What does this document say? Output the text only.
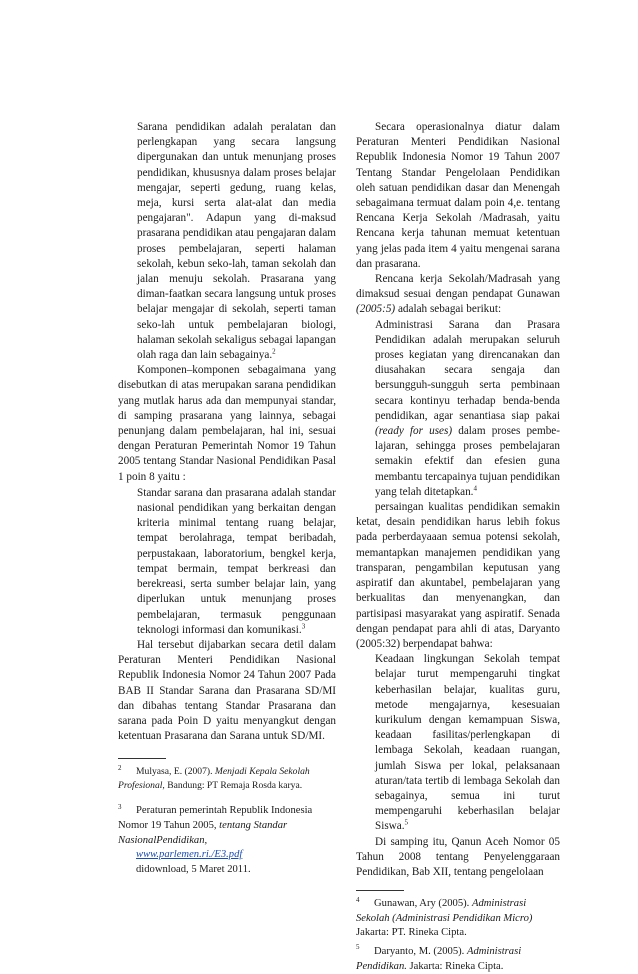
Sarana pendidikan adalah peralatan dan perlengkapan yang secara langsung dipergunakan dan untuk menunjang proses pendidikan, khususnya dalam proses belajar mengajar, seperti gedung, ruang kelas, meja, kursi serta alat-alat dan media pengajaran". Adapun yang di-maksud prasarana pendidikan atau pengajaran dalam proses pembelajaran, seperti halaman sekolah, kebun seko-lah, taman sekolah dan jalan menuju sekolah. Prasarana yang diman-faatkan secara langsung untuk proses belajar mengajar di sekolah, seperti taman seko-lah untuk pembelajaran biologi, halaman sekolah sekaligus sebagai lapangan olah raga dan lain sebagainya.$^2$

Komponen–komponen sebagaimana yang disebutkan di atas merupakan sarana pendidikan yang mutlak harus ada dan mempunyai standar, di samping prasarana yang lainnya, sebagai penunjang dalam pembelajaran, hal ini, sesuai dengan Peraturan Pemerintah Nomor 19 Tahun 2005 tentang Standar Nasional Pendidikan Pasal 1 poin 8 yaitu :

Standar sarana dan prasarana adalah standar nasional pendidikan yang berkaitan dengan kriteria minimal tentang ruang belajar, tempat berolahraga, tempat beribadah, perpustakaan, laboratorium, bengkel kerja, tempat bermain, tempat berkreasi dan berekreasi, serta sumber belajar lain, yang diperlukan untuk menunjang proses pembelajaran, termasuk penggunaan teknologi informasi dan komunikasi.$^3$

Hal tersebut dijabarkan secara detil dalam Peraturan Menteri Pendidikan Nasional Republik Indonesia Nomor 24 Tahun 2007 Pada BAB II Standar Sarana dan Prasarana SD/MI dan dibahas tentang Standar Prasarana dan sarana pada Poin D yaitu menyangkut dengan ketentuan Prasarana dan Sarana untuk SD/MI.

2 Mulyasa, E. (2007). Menjadi Kepala Sekolah Profesional, Bandung: PT Remaja Rosda karya.

3 Peraturan pemerintah Republik Indonesia Nomor 19 Tahun 2005, tentang Standar NasionalPendidikan,
www.parlemen.ri./E3.pdf
didownload, 5 Maret 2011.

Secara operasionalnya diatur dalam Peraturan Menteri Pendidikan Nasional Republik Indonesia Nomor 19 Tahun 2007 Tentang Standar Pengelolaan Pendidikan oleh satuan pendidikan dasar dan Menengah sebagaimana termuat dalam poin 4,e. tentang Rencana Kerja Sekolah /Madrasah, yaitu Rencana kerja tahunan memuat ketentuan yang jelas pada item 4 yaitu mengenai sarana dan prasarana.

Rencana kerja Sekolah/Madrasah yang dimaksud sesuai dengan pendapat Gunawan (2005:5) adalah sebagai berikut:

Administrasi Sarana dan Prasara Pendidikan adalah merupakan seluruh proses kegiatan yang direncanakan dan diusahakan secara sengaja dan bersungguh-sungguh serta pembinaan secara kontinyu terhadap benda-benda pendidikan, agar senantiasa siap pakai (ready for uses) dalam proses pembe-lajaran, sehingga proses pembelajaran semakin efektif dan efesien guna membantu tercapainya tujuan pendidikan yang telah ditetapkan.$^4$

persaingan kualitas pendidikan semakin ketat, desain pendidikan harus lebih fokus pada perberdayaaan semua potensi sekolah, memantapkan manajemen pendidikan yang transparan, pengambilan keputusan yang aspiratif dan akuntabel, pembelajaran yang berkualitas dan menyenangkan, dan partisipasi masyarakat yang aspiratif. Senada dengan pendapat para ahli di atas, Daryanto (2005:32) berpendapat bahwa:

Keadaan lingkungan Sekolah tempat belajar turut mempengaruhi tingkat keberhasilan belajar, kualitas guru, metode mengajarnya, kesesuaian kurikulum dengan kemampuan Siswa, keadaan fasilitas/perlengkapan di lembaga Sekolah, keadaan ruangan, jumlah Siswa per lokal, pelaksanaan aturan/tata tertib di lembaga Sekolah dan sebagainya, semua ini turut mempengaruhi keberhasilan belajar Siswa.$^5$

Di samping itu, Qanun Aceh Nomor 05 Tahun 2008 tentang Penyelenggaraan Pendidikan, Bab XII, tentang pengelolaan

4 Gunawan, Ary (2005). Administrasi Sekolah (Administrasi Pendidikan Micro) Jakarta: PT. Rineka Cipta.

5 Daryanto, M. (2005). Administrasi Pendidikan. Jakarta: Rineka Cipta.
